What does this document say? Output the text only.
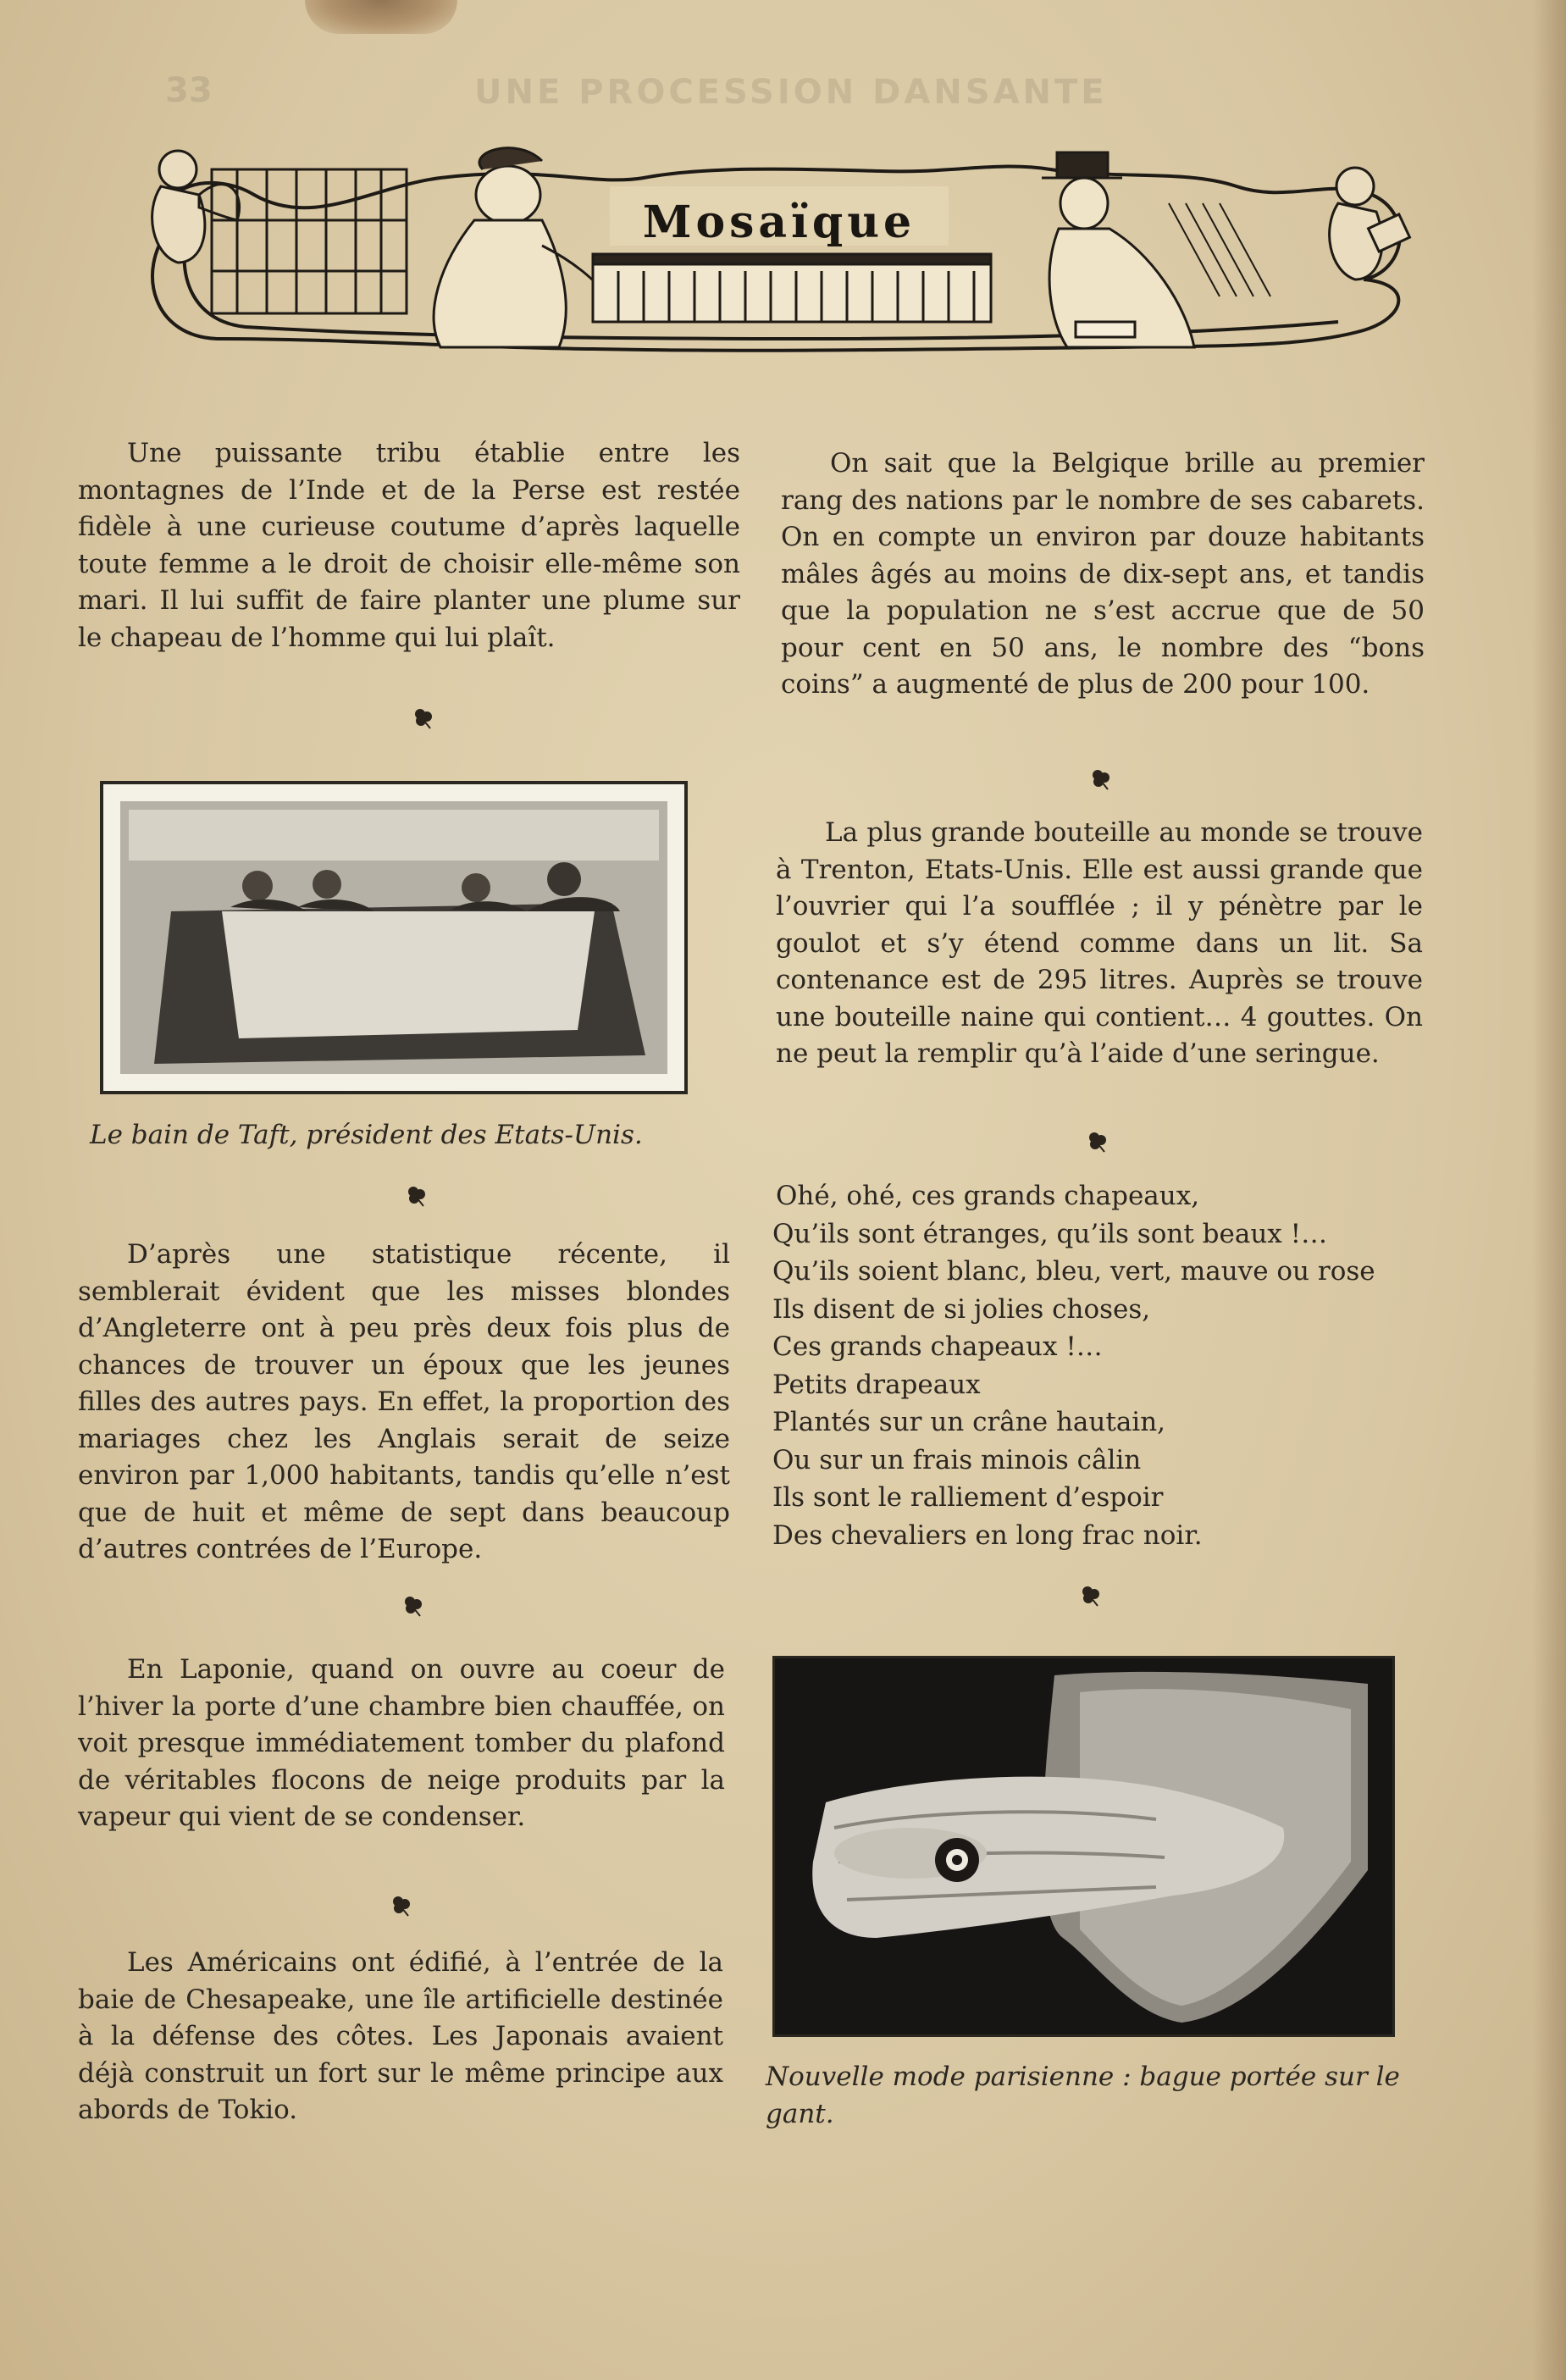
UNE PROCESSION DANSANTE
33
Mosaïque

Une puissante tribu établie entre les montagnes de l’Inde et de la Perse est restée fidèle à une curieuse coutume d’après laquelle toute femme a le droit de choisir elle-même son mari. Il lui suffit de faire planter une plume sur le chapeau de l’homme qui lui plaît.

Le bain de Taft, président des Etats-Unis.

D’après une statistique récente, il semblerait évident que les misses blondes d’Angleterre ont à peu près deux fois plus de chances de trouver un époux que les jeunes filles des autres pays. En effet, la proportion des mariages chez les Anglais serait de seize environ par 1,000 habitants, tandis qu’elle n’est que de huit et même de sept dans beaucoup d’autres contrées de l’Europe.

En Laponie, quand on ouvre au coeur de l’hiver la porte d’une chambre bien chauffée, on voit presque immédiatement tomber du plafond de véritables flocons de neige produits par la vapeur qui vient de se condenser.

Les Américains ont édifié, à l’entrée de la baie de Chesapeake, une île artificielle destinée à la défense des côtes. Les Japonais avaient déjà construit un fort sur le même principe aux abords de Tokio.

On sait que la Belgique brille au premier rang des nations par le nombre de ses cabarets. On en compte un environ par douze habitants mâles âgés au moins de dix-sept ans, et tandis que la population ne s’est accrue que de 50 pour cent en 50 ans, le nombre des “bons coins” a augmenté de plus de 200 pour 100.

La plus grande bouteille au monde se trouve à Trenton, Etats-Unis. Elle est aussi grande que l’ouvrier qui l’a soufflée ; il y pénètre par le goulot et s’y étend comme dans un lit. Sa contenance est de 295 litres. Auprès se trouve une bouteille naine qui contient… 4 gouttes. On ne peut la remplir qu’à l’aide d’une seringue.

Ohé, ohé, ces grands chapeaux,
Qu’ils sont étranges, qu’ils sont beaux !…
Qu’ils soient blanc, bleu, vert, mauve ou rose
Ils disent de si jolies choses,
Ces grands chapeaux !…
Petits drapeaux
Plantés sur un crâne hautain,
Ou sur un frais minois câlin
Ils sont le ralliement d’espoir
Des chevaliers en long frac noir.
Nouvelle mode parisienne : bague portée sur le gant.
